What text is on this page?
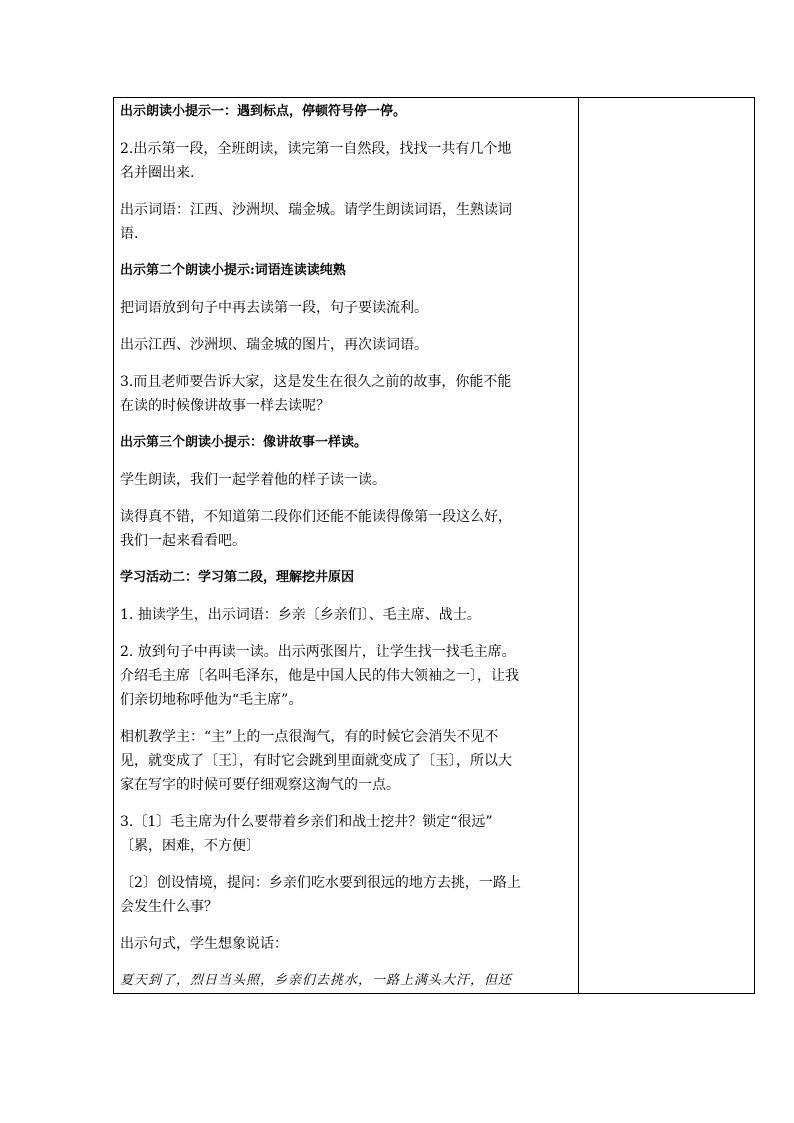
出示朗读小提示一：遇到标点，停顿符号停一停。

2.出示第一段，全班朗读，读完第一自然段，找找一共有几个地

名并圈出来.

出示词语：江西、沙洲坝、瑞金城。请学生朗读词语，生熟读词

语.

出示第二个朗读小提示:词语连读读纯熟

把词语放到句子中再去读第一段，句子要读流利。

出示江西、沙洲坝、瑞金城的图片，再次读词语。

3.而且老师要告诉大家，这是发生在很久之前的故事，你能不能

在读的时候像讲故事一样去读呢？

出示第三个朗读小提示：像讲故事一样读。

学生朗读，我们一起学着他的样子读一读。

读得真不错，不知道第二段你们还能不能读得像第一段这么好，

我们一起来看看吧。

学习活动二：学习第二段，理解挖井原因

1. 抽读学生，出示词语：乡亲〔乡亲们〕、毛主席、战士。

2. 放到句子中再读一读。出示两张图片，让学生找一找毛主席。

介绍毛主席〔名叫毛泽东，他是中国人民的伟大领袖之一〕，让我

们亲切地称呼他为“毛主席”。

相机教学主：“主”上的一点很淘气，有的时候它会消失不见不

见，就变成了〔王〕，有时它会跳到里面就变成了〔玉〕，所以大

家在写字的时候可要仔细观察这淘气的一点。

3.〔1〕毛主席为什么要带着乡亲们和战士挖井？锁定“很远”

〔累，困难，不方便〕

〔2〕创设情境，提问：乡亲们吃水要到很远的地方去挑，一路上

会发生什么事？

出示句式，学生想象说话：

夏天到了，烈日当头照，乡亲们去挑水，一路上满头大汗，但还
